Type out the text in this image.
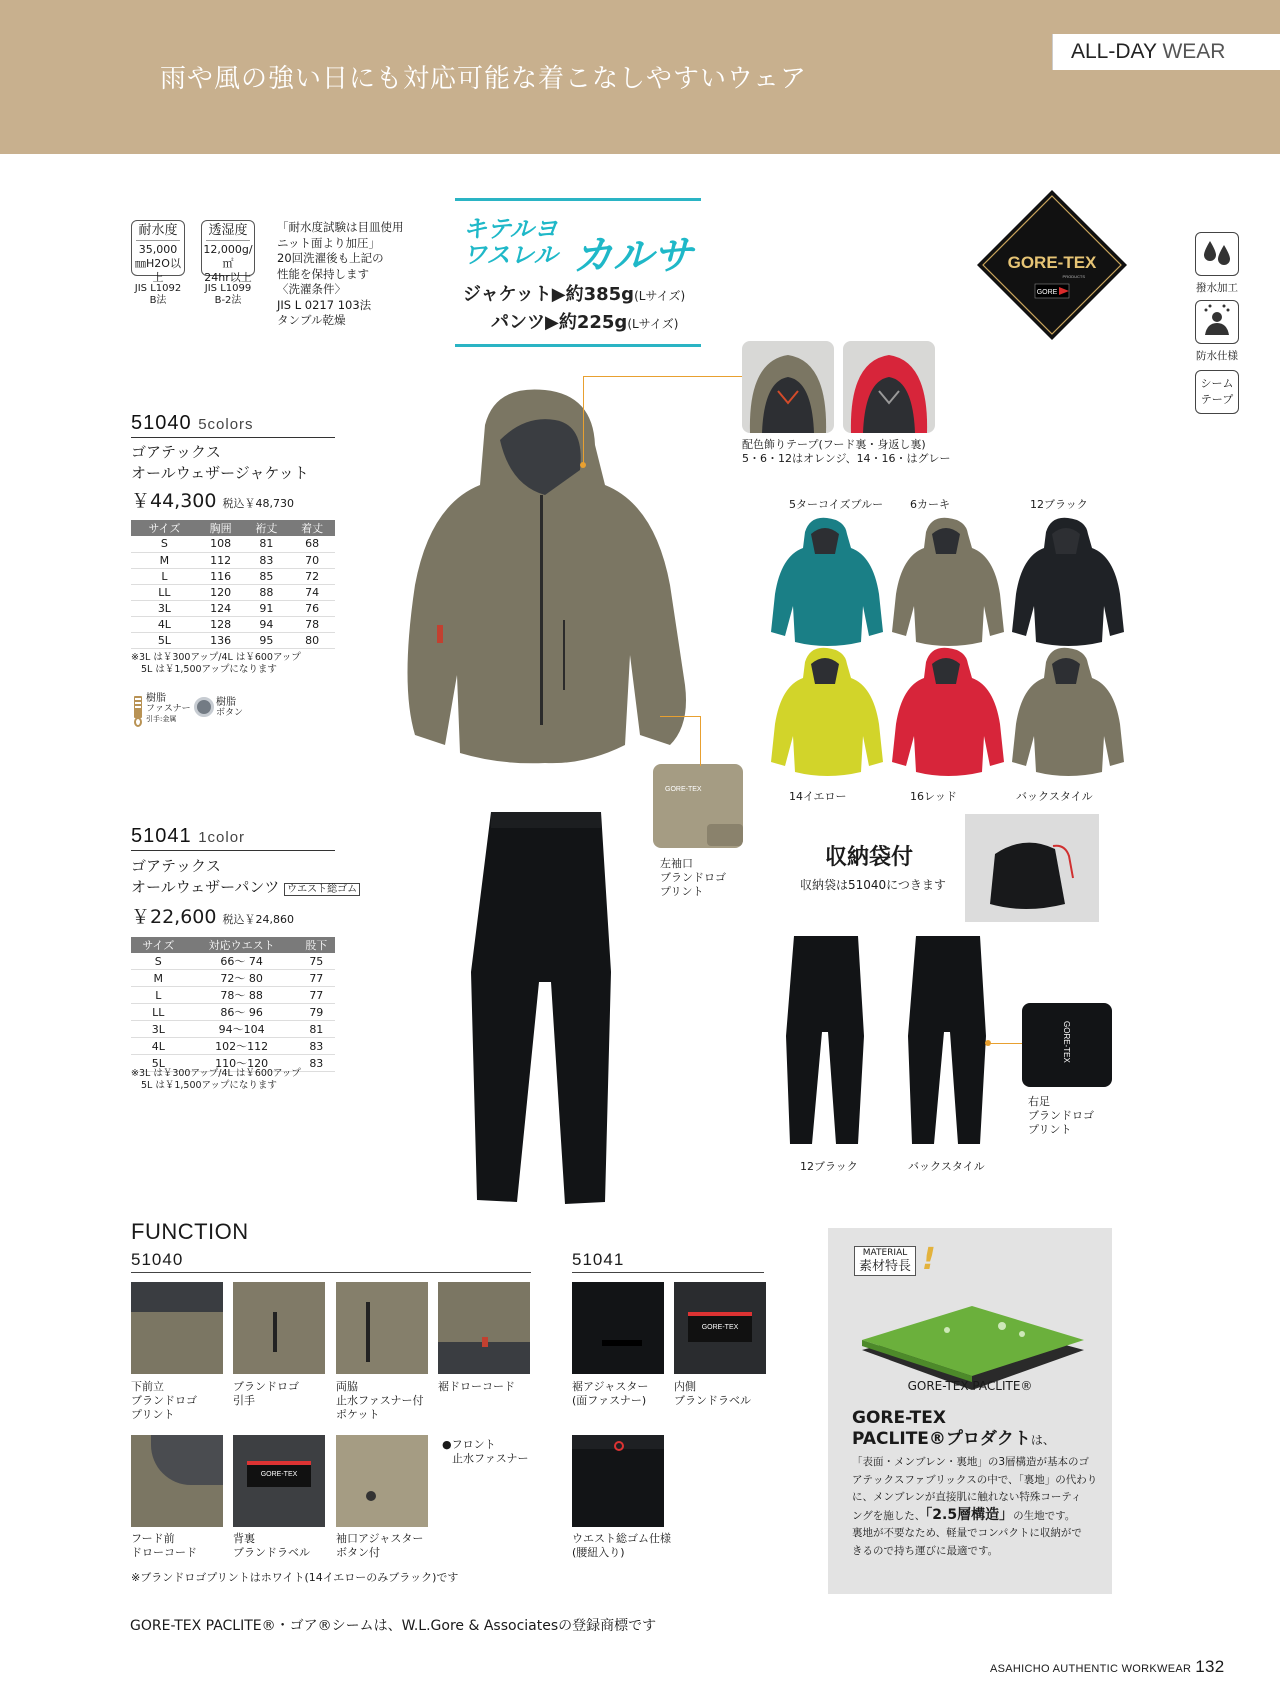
雨や風の強い日にも対応可能な着こなしやすいウェア
ALL-DAY WEAR
耐水度
35,000
㎜H2O以上
JIS L1092
B法
透湿度
12,000g/㎡
24hr以上
JIS L1099
B-2法
「耐水度試験は目皿使用
ニット面より加圧」
20回洗濯後も上記の
性能を保持します
〈洗濯条件〉
JIS L 0217 103法
タンブル乾燥
キテルヨ
ワスレル カルサ
ジャケット▶約385g(Lサイズ)
パンツ▶約225g(Lサイズ)
GORE-TEX
PRODUCTS
GORE	撥水加工
防水仕様
シーム
テープ
51040 5colors
ゴアテックス
オールウェザージャケット
￥44,300 税込￥48,730
サイズ	胸囲	裄丈	着丈
S	108	81	68
M	112	83	70
L	116	85	72
LL	120	88	74
3L	124	91	76
4L	128	94	78
5L	136	95	80
※3L は￥300アップ/4L は￥600アップ
5L は￥1,500アップになります
樹脂
ファスナー
引手:金属
樹脂
ボタン
配色飾りテープ(フード裏・身返し裏)
5・6・12はオレンジ、14・16・はグレー
5ターコイズブルー 6カーキ	12ブラック
14イエロー	16レッド	バックスタイル
GORE-TEX
左袖口
ブランドロゴ
プリント
収納袋付
収納袋は51040につきます
51041 1color
ゴアテックス
オールウェザーパンツ ウエスト総ゴム
￥22,600 税込￥24,860
サイズ	対応ウエスト	股下
S	66～ 74	75
M	72～ 80	77
L	78～ 88	77
LL	86～ 96	79
3L	94～104	81
4L	102～112	83
5L	110～120	83
※3L は￥300アップ/4L は￥600アップ
5L は￥1,500アップになります
12ブラック	バックスタイル
GORE-TEX
右足
ブランドロゴ
プリント
FUNCTION
51040	51041
下前立
ブランドロゴ
プリント
ブランドロゴ
引手
両脇
止水ファスナー付
ポケット
裾ドローコード
GORE-TEX
●フロント
止水ファスナー
フード前
ドローコード
背裏
ブランドラベル
袖口アジャスター
ボタン付
GORE-TEX
裾アジャスター
(面ファスナー)
内側
ブランドラベル
ウエスト総ゴム仕様
(腰紐入り)
※ブランドロゴプリントはホワイト(14イエローのみブラック)です
MATERIAL
素材特長 !
GORE-TEX PACLITE®
GORE-TEX
PACLITE®プロダクトは、
「表面・メンブレン・裏地」の3層構造が基本のゴ
アテックスファブリックスの中で、「裏地」の代わり
に、メンブレンが直接肌に触れない特殊コーティ
ングを施した、「2.5層構造」の生地です。
裏地が不要なため、軽量でコンパクトに収納がで
きるので持ち運びに最適です。
GORE-TEX PACLITE®・ゴア®シームは、W.L.Gore & Associatesの登録商標です
ASAHICHO AUTHENTIC WORKWEAR 132
